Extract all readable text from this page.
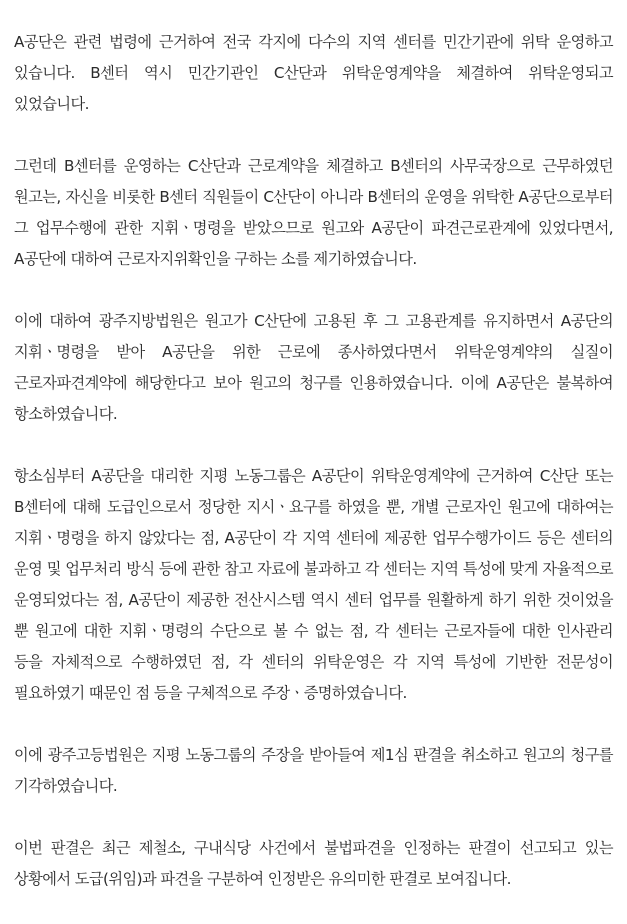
A공단은 관련 법령에 근거하여 전국 각지에 다수의 지역 센터를 민간기관에 위탁 운영하고 있습니다. B센터 역시 민간기관인 C산단과 위탁운영계약을 체결하여 위탁운영되고 있었습니다.

그런데 B센터를 운영하는 C산단과 근로계약을 체결하고 B센터의 사무국장으로 근무하였던 원고는, 자신을 비롯한 B센터 직원들이 C산단이 아니라 B센터의 운영을 위탁한 A공단으로부터 그 업무수행에 관한 지휘ㆍ명령을 받았으므로 원고와 A공단이 파견근로관계에 있었다면서, A공단에 대하여 근로자지위확인을 구하는 소를 제기하였습니다.

이에 대하여 광주지방법원은 원고가 C산단에 고용된 후 그 고용관계를 유지하면서 A공단의 지휘ㆍ명령을 받아 A공단을 위한 근로에 종사하였다면서 위탁운영계약의 실질이 근로자파견계약에 해당한다고 보아 원고의 청구를 인용하였습니다. 이에 A공단은 불복하여 항소하였습니다.

항소심부터 A공단을 대리한 지평 노동그룹은 A공단이 위탁운영계약에 근거하여 C산단 또는 B센터에 대해 도급인으로서 정당한 지시ㆍ요구를 하였을 뿐, 개별 근로자인 원고에 대하여는 지휘ㆍ명령을 하지 않았다는 점, A공단이 각 지역 센터에 제공한 업무수행가이드 등은 센터의 운영 및 업무처리 방식 등에 관한 참고 자료에 불과하고 각 센터는 지역 특성에 맞게 자율적으로 운영되었다는 점, A공단이 제공한 전산시스템 역시 센터 업무를 원활하게 하기 위한 것이었을 뿐 원고에 대한 지휘ㆍ명령의 수단으로 볼 수 없는 점, 각 센터는 근로자들에 대한 인사관리 등을 자체적으로 수행하였던 점, 각 센터의 위탁운영은 각 지역 특성에 기반한 전문성이 필요하였기 때문인 점 등을 구체적으로 주장ㆍ증명하였습니다.

이에 광주고등법원은 지평 노동그룹의 주장을 받아들여 제1심 판결을 취소하고 원고의 청구를 기각하였습니다.

이번 판결은 최근 제철소, 구내식당 사건에서 불법파견을 인정하는 판결이 선고되고 있는 상황에서 도급(위임)과 파견을 구분하여 인정받은 유의미한 판결로 보여집니다.
